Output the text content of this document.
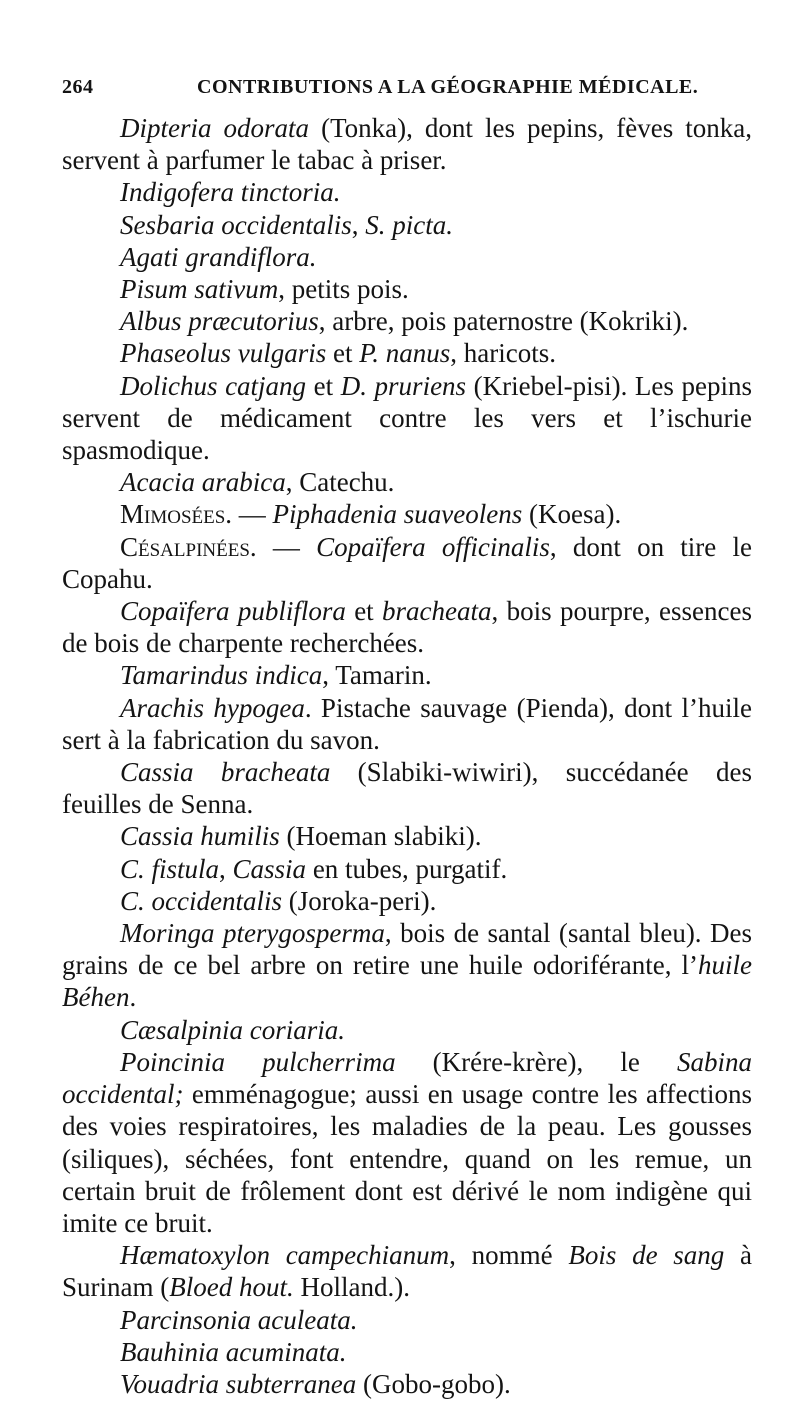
264	CONTRIBUTIONS A LA GÉOGRAPHIE MÉDICALE.

Dipteria odorata (Tonka), dont les pepins, fèves tonka, servent à parfumer le tabac à priser.

Indigofera tinctoria.

Sesbaria occidentalis, S. picta.

Agati grandiflora.

Pisum sativum, petits pois.

Albus præcutorius, arbre, pois paternostre (Kokriki).

Phaseolus vulgaris et P. nanus, haricots.

Dolichus catjang et D. pruriens (Kriebel-pisi). Les pepins servent de médicament contre les vers et l’ischurie spasmodique.

Acacia arabica, Catechu.

Mimosées. — Piphadenia suaveolens (Koesa).

Césalpinées. — Copaïfera officinalis, dont on tire le Copahu.

Copaïfera publiflora et bracheata, bois pourpre, essences de bois de charpente recherchées.

Tamarindus indica, Tamarin.

Arachis hypogea. Pistache sauvage (Pienda), dont l’huile sert à la fabrication du savon.

Cassia bracheata (Slabiki-wiwiri), succédanée des feuilles de Senna.

Cassia humilis (Hoeman slabiki).

C. fistula, Cassia en tubes, purgatif.

C. occidentalis (Joroka-peri).

Moringa pterygosperma, bois de santal (santal bleu). Des grains de ce bel arbre on retire une huile odoriférante, l’huile Béhen.

Cæsalpinia coriaria.

Poincinia pulcherrima (Krére-krère), le Sabina occidental; emménagogue; aussi en usage contre les affections des voies respiratoires, les maladies de la peau. Les gousses (siliques), séchées, font entendre, quand on les remue, un certain bruit de frôlement dont est dérivé le nom indigène qui imite ce bruit.

Hæmatoxylon campechianum, nommé Bois de sang à Surinam (Bloed hout. Holland.).

Parcinsonia aculeata.

Bauhinia acuminata.

Vouadria subterranea (Gobo-gobo).
